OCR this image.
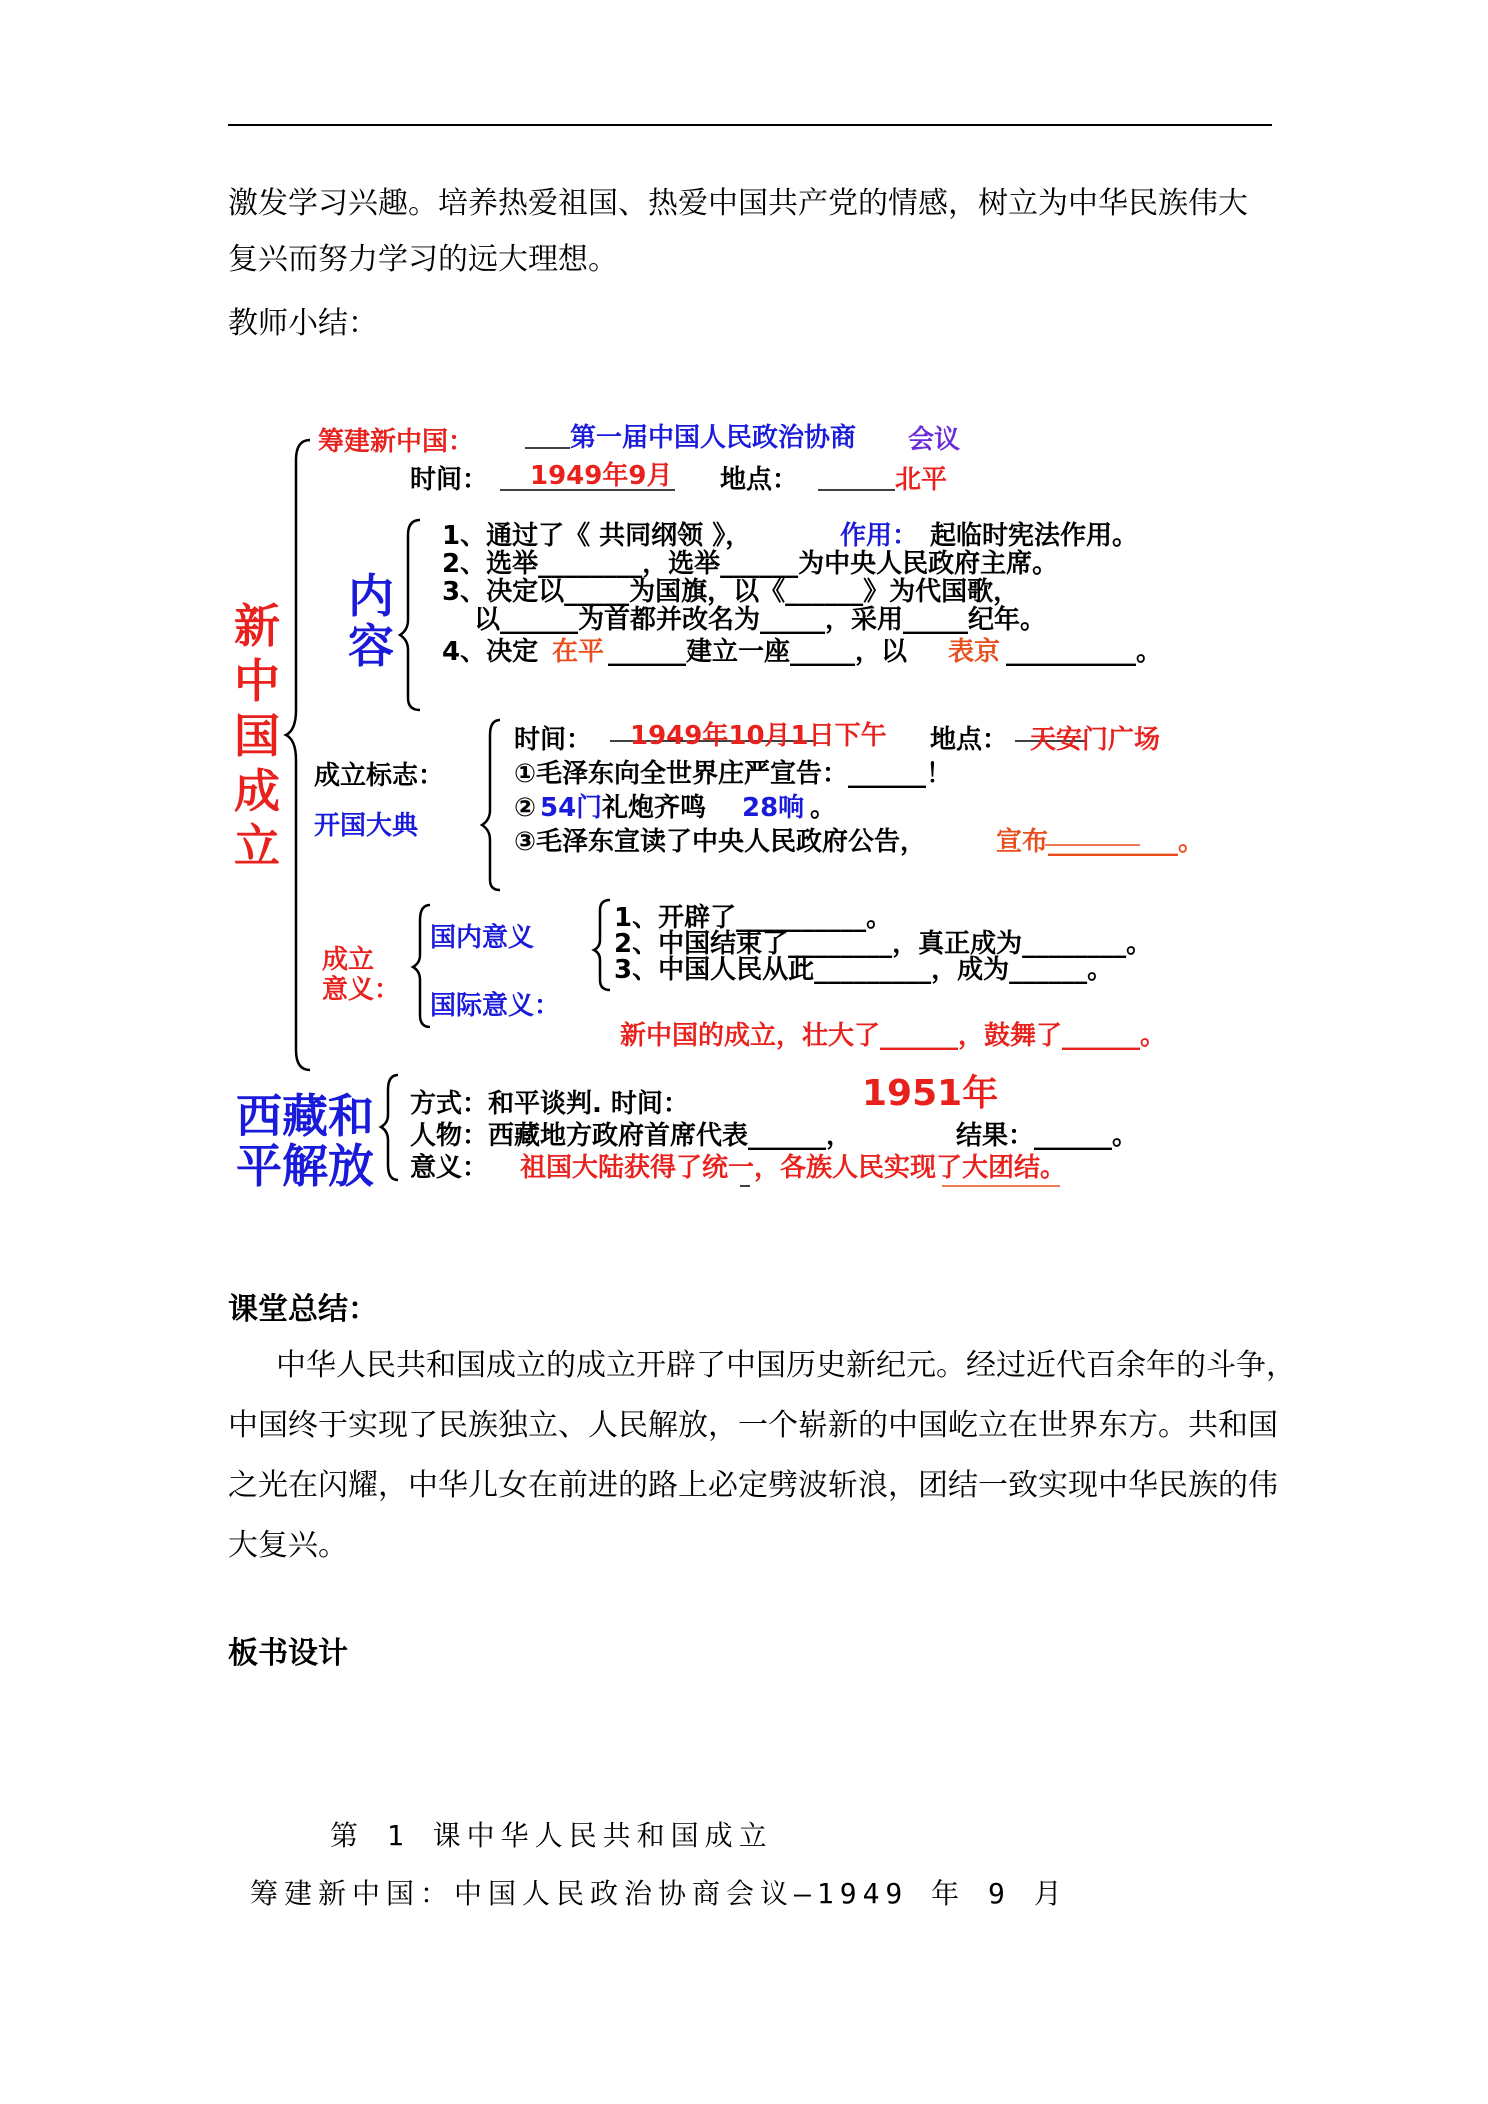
激发学习兴趣。培养热爱祖国、热爱中国共产党的情感，树立为中华民族伟大
复兴而努力学习的远大理想。
教师小结：
新
中
国
成
立
筹建新中国：	第一届中国人民政治协商 会议
时间： 1949年9月 地点：	北平
内
容
1、通过了《 共同纲领 》，	作用： 起临时宪法作用。
2、选举________，选举______为中央人民政府主席。
3、决定以_____为国旗，以《______》为代国歌，
以______为首都并改名为_____，采用_____纪年。
4、决定 在平 ______建立一座_____，以 表京 __________。
成立标志：
开国大典
时间： 1949年10月1日下午 地点： 天安门广场
①毛泽东向全世界庄严宣告：______！
② 54门 礼炮齐鸣 28响 。
③毛泽东宣读了中央人民政府公告，	宣布__________。
成立
意义：
国内意义
国际意义：
1、开辟了__________。
2、中国结束了________，真正成为________。
3、中国人民从此_________，成为______。
新中国的成立，壮大了______，鼓舞了______。
西藏和
平解放
方式： 和平谈判 . 时间：	1951年
人物： 西藏地方政府首席代表______，	结果：______。
意义： 祖国大陆获得了统一，各族人民实现了大团结。
课堂总结：
中华人民共和国成立的成立开辟了中国历史新纪元。经过近代百余年的斗争，
中国终于实现了民族独立、人民解放，一个崭新的中国屹立在世界东方。共和国
之光在闪耀，中华儿女在前进的路上必定劈波斩浪，团结一致实现中华民族的伟
大复兴。
板书设计
第 1 课中华人民共和国成立
筹建新中国：中国人民政治协商会议—1949 年 9 月
